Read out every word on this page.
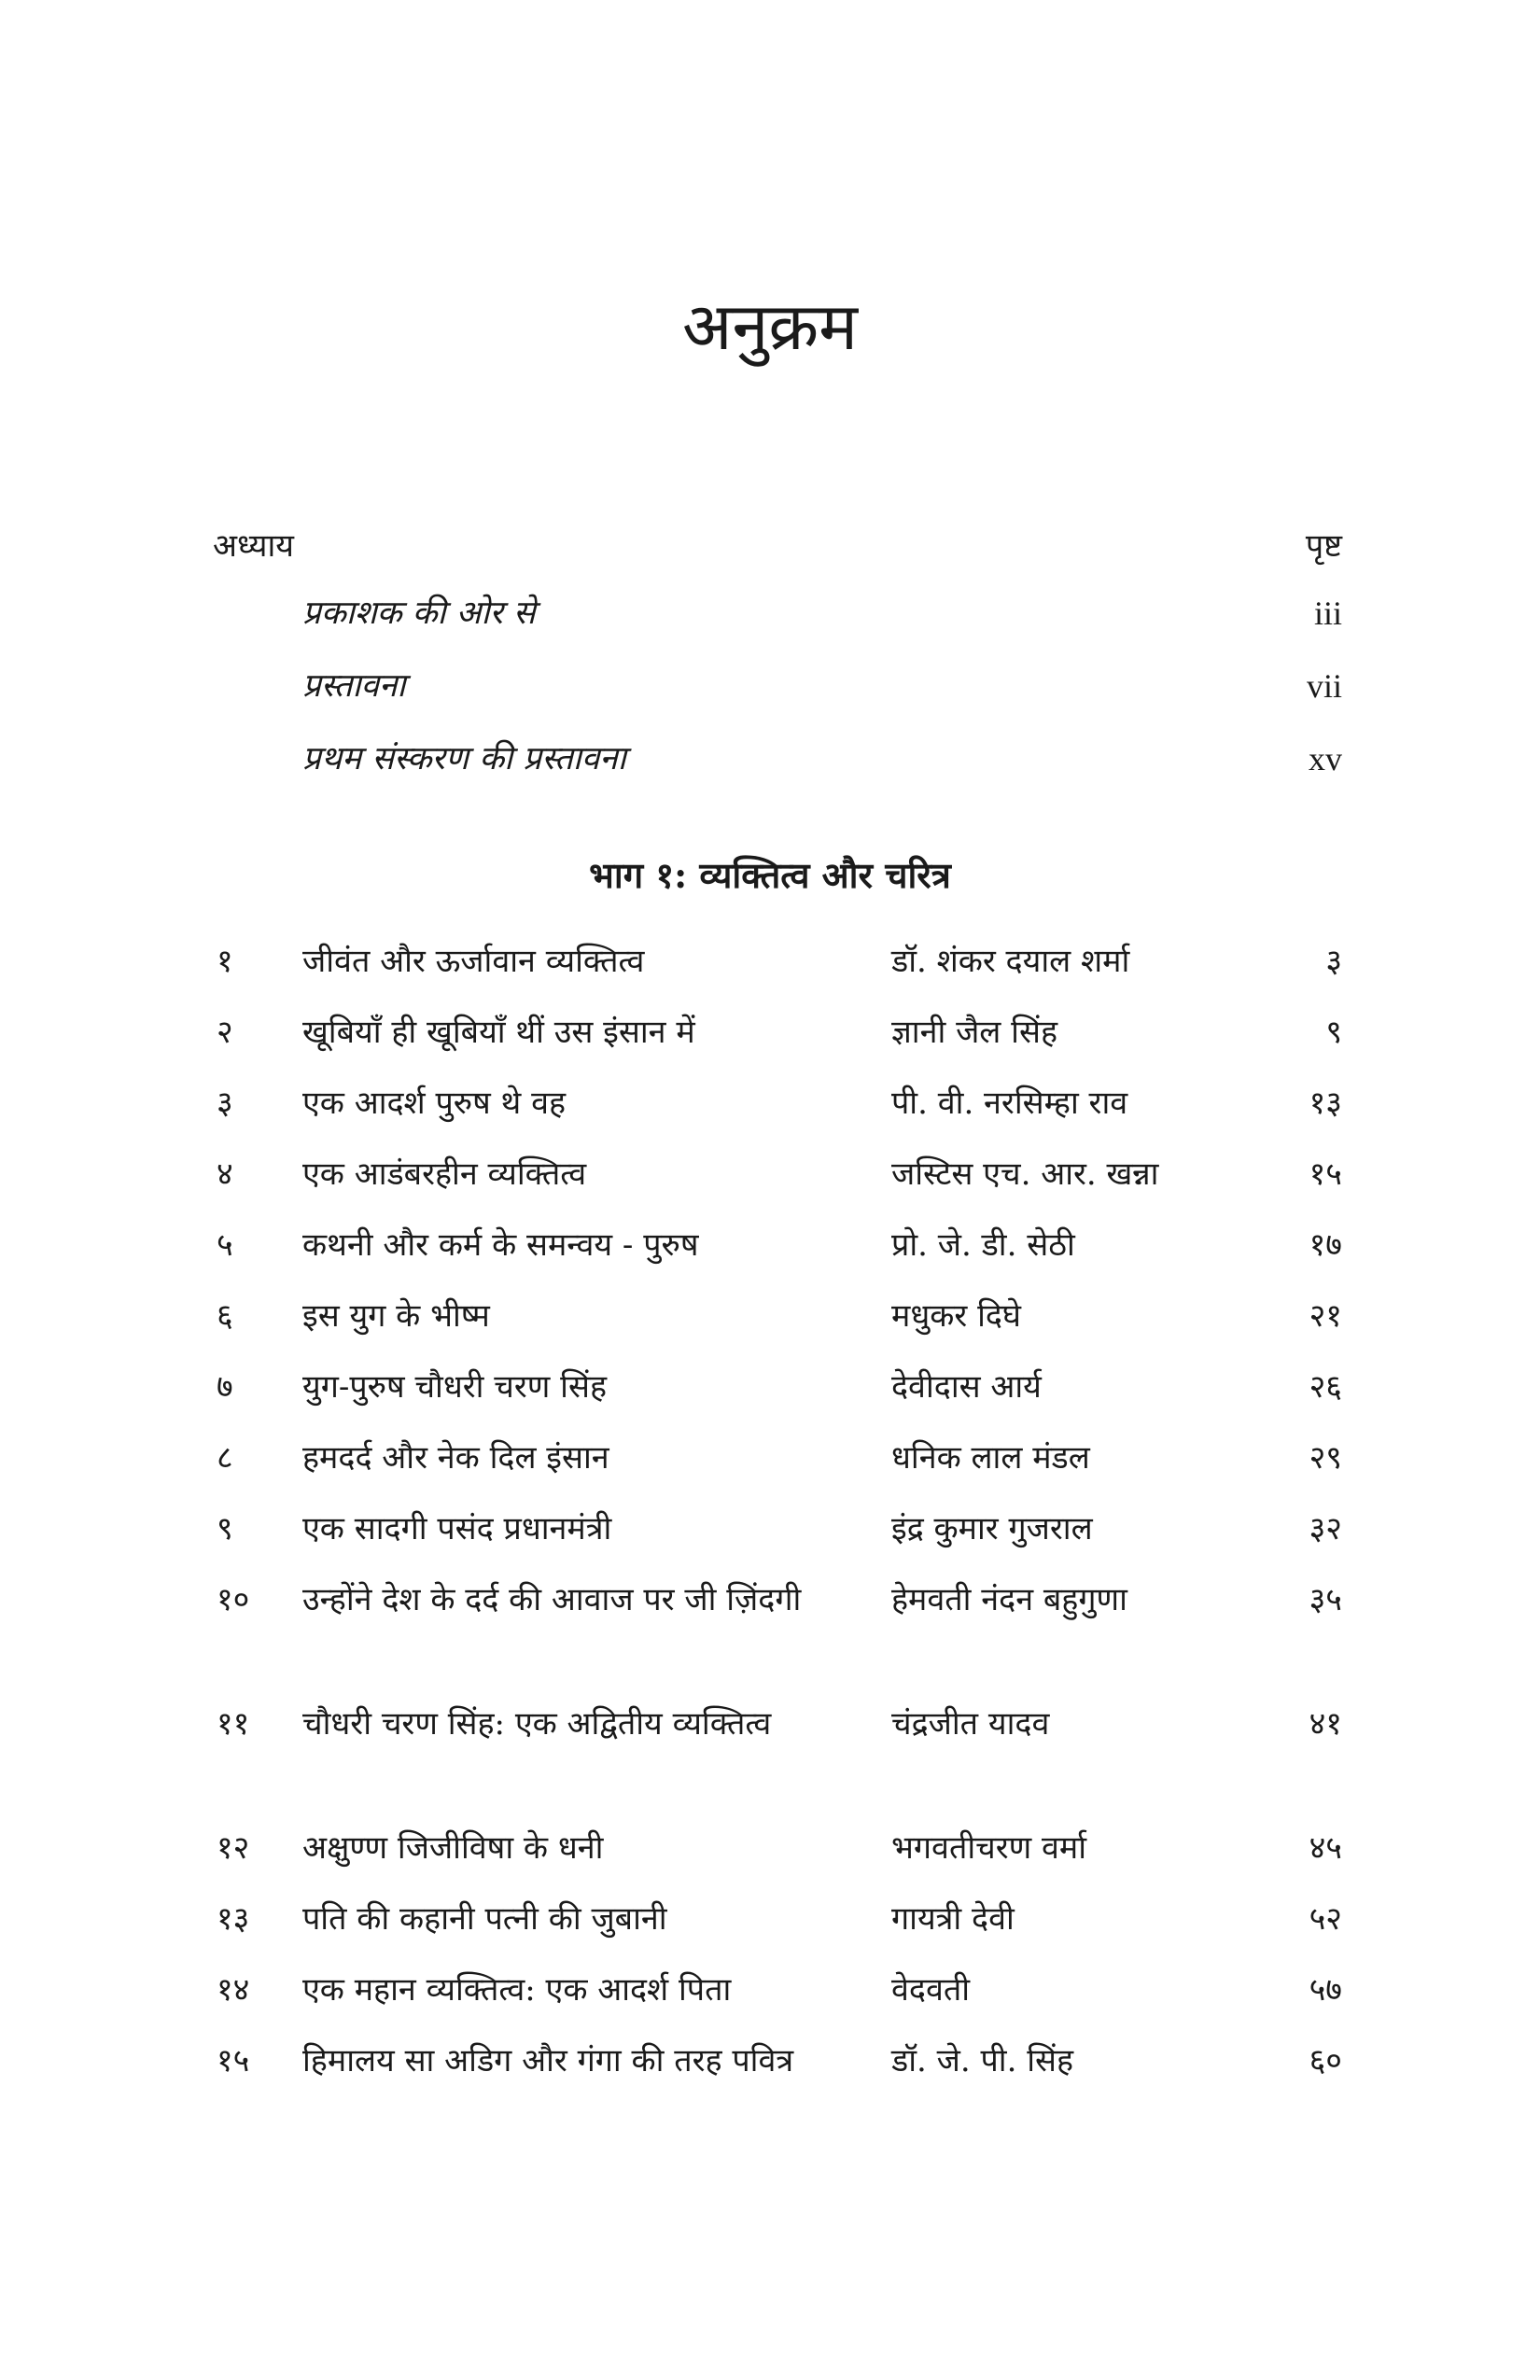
अनुक्रम
अध्याय	पृष्ट
प्रकाशक की ओर से	iii
प्रस्तावना	vii
प्रथम संस्करण की प्रस्तावना	xv
भाग १: व्यक्तित्व और चरित्र
१ जीवंत और ऊर्जावान व्यक्तित्व	डॉ. शंकर दयाल शर्मा	३
२ खूबियाँ ही खूबियाँ थीं उस इंसान में	ज्ञानी जैल सिंह	९
३ एक आदर्श पुरुष थे वह	पी. वी. नरसिम्हा राव	१३
४ एक आडंबरहीन व्यक्तित्व	जस्टिस एच. आर. खन्ना	१५
५ कथनी और कर्म के समन्वय - पुरुष	प्रो. जे. डी. सेठी	१७
६ इस युग के भीष्म	मधुकर दिघे	२१
७ युग-पुरुष चौधरी चरण सिंह	देवीदास आर्य	२६
८ हमदर्द और नेक दिल इंसान	धनिक लाल मंडल	२९
९ एक सादगी पसंद प्रधानमंत्री	इंद्र कुमार गुजराल	३२
१० उन्होंने देश के दर्द की आवाज पर जी ज़िंदगी	हेमवती नंदन बहुगुणा	३५
११ चौधरी चरण सिंह: एक अद्वितीय व्यक्तित्व	चंद्रजीत यादव	४१
१२ अक्षुण्ण जिजीविषा के धनी	भगवतीचरण वर्मा	४५
१३ पति की कहानी पत्नी की जुबानी	गायत्री देवी	५२
१४ एक महान व्यक्तित्व: एक आदर्श पिता	वेदवती	५७
१५ हिमालय सा अडिग और गंगा की तरह पवित्र	डॉ. जे. पी. सिंह	६०
